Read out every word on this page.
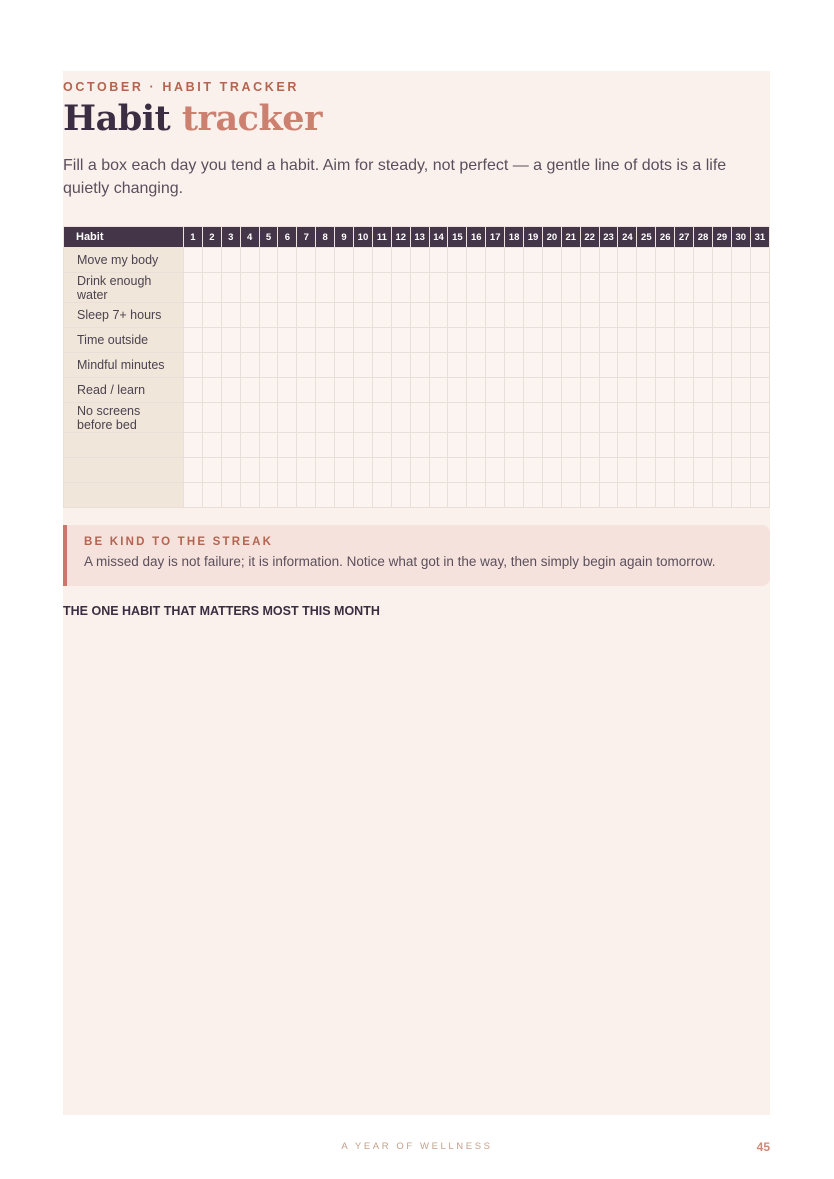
OCTOBER · HABIT TRACKER
Habit tracker
Fill a box each day you tend a habit. Aim for steady, not perfect — a gentle line of dots is a life quietly changing.
Habit	1	2	3	4	5	6	7	8	9	10	11	12	13	14	15	16	17	18	19	20	21	22	23	24	25	26	27	28	29	30	31
Move my body																															
Drink enough water																															
Sleep 7+ hours																															
Time outside																															
Mindful minutes																															
Read / learn																															
No screens before bed																															

BE KIND TO THE STREAK
A missed day is not failure; it is information. Notice what got in the way, then simply begin again tomorrow.
THE ONE HABIT THAT MATTERS MOST THIS MONTH
A YEAR OF WELLNESS	45
